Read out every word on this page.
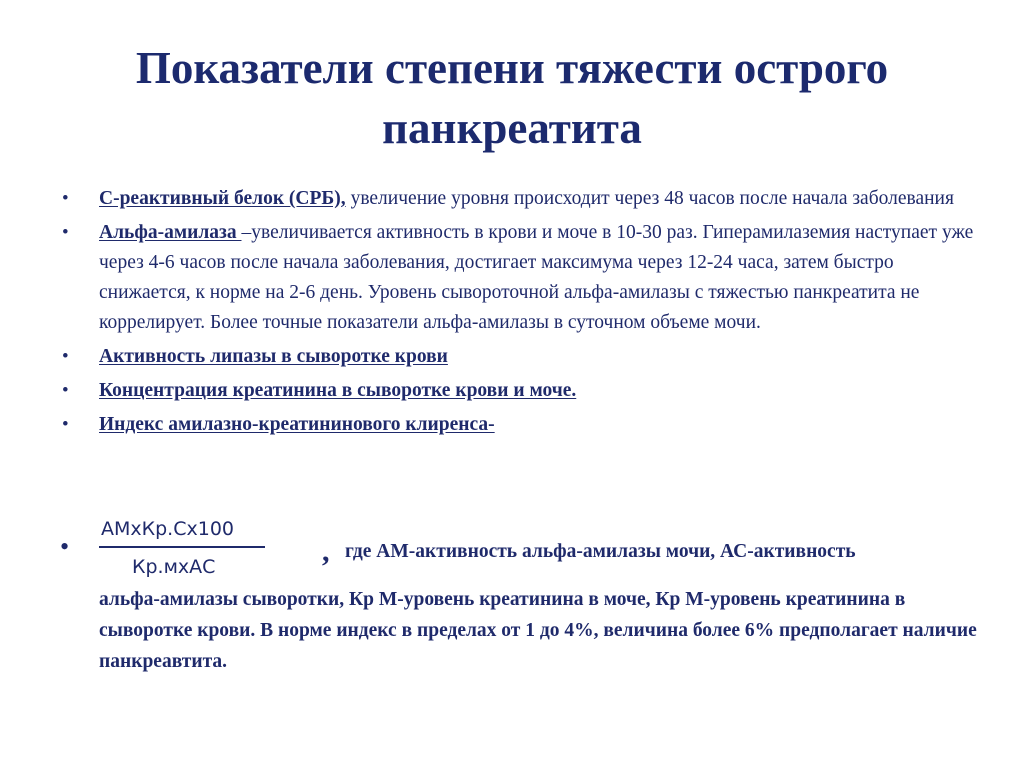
Показатели степени тяжести острого панкреатита
• С-реактивный белок (СРБ), увеличение уровня происходит через 48 часов после начала заболевания
• Альфа-амилаза –увеличивается активность в крови и моче в 10-30 раз. Гиперамилаземия наступает уже через 4-6 часов после начала заболевания, достигает максимума через 12-24 часа, затем быстро снижается, к норме на 2-6 день. Уровень сывороточной альфа-амилазы с тяжестью панкреатита не коррелирует. Более точные показатели альфа-амилазы в суточном объеме мочи.
• Активность липазы в сыворотке крови
• Концентрация креатинина в сыворотке крови и моче.
• Индекс амилазно-креатининового клиренса-
•
АМхКр.Сх100
Кр.мхАС	, где АМ-активность альфа-амилазы мочи, АС-активность
альфа-амилазы сыворотки, Кр М-уровень креатинина в моче, Кр М-уровень креатинина в сыворотке крови. В норме индекс в пределах от 1 до 4%, величина более 6% предполагает наличие панкреавтита.
